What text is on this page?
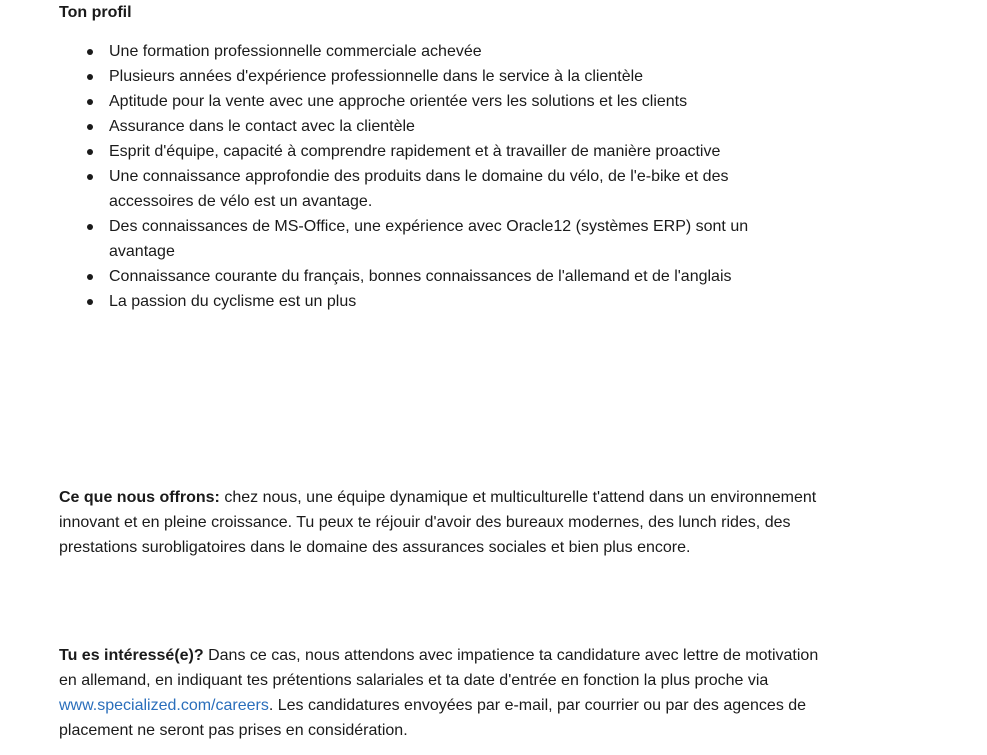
Ton profil

Une formation professionnelle commerciale achevée
Plusieurs années d'expérience professionnelle dans le service à la clientèle
Aptitude pour la vente avec une approche orientée vers les solutions et les clients
Assurance dans le contact avec la clientèle
Esprit d'équipe, capacité à comprendre rapidement et à travailler de manière proactive
Une connaissance approfondie des produits dans le domaine du vélo, de l'e-bike et des accessoires de vélo est un avantage.
Des connaissances de MS-Office, une expérience avec Oracle12 (systèmes ERP) sont un avantage
Connaissance courante du français, bonnes connaissances de l'allemand et de l'anglais
La passion du cyclisme est un plus

Ce que nous offrons: chez nous, une équipe dynamique et multiculturelle t'attend dans un environnement innovant et en pleine croissance. Tu peux te réjouir d'avoir des bureaux modernes, des lunch rides, des prestations surobligatoires dans le domaine des assurances sociales et bien plus encore.

Tu es intéressé(e)? Dans ce cas, nous attendons avec impatience ta candidature avec lettre de motivation en allemand, en indiquant tes prétentions salariales et ta date d'entrée en fonction la plus proche via www.specialized.com/careers. Les candidatures envoyées par e-mail, par courrier ou par des agences de placement ne seront pas prises en considération.
